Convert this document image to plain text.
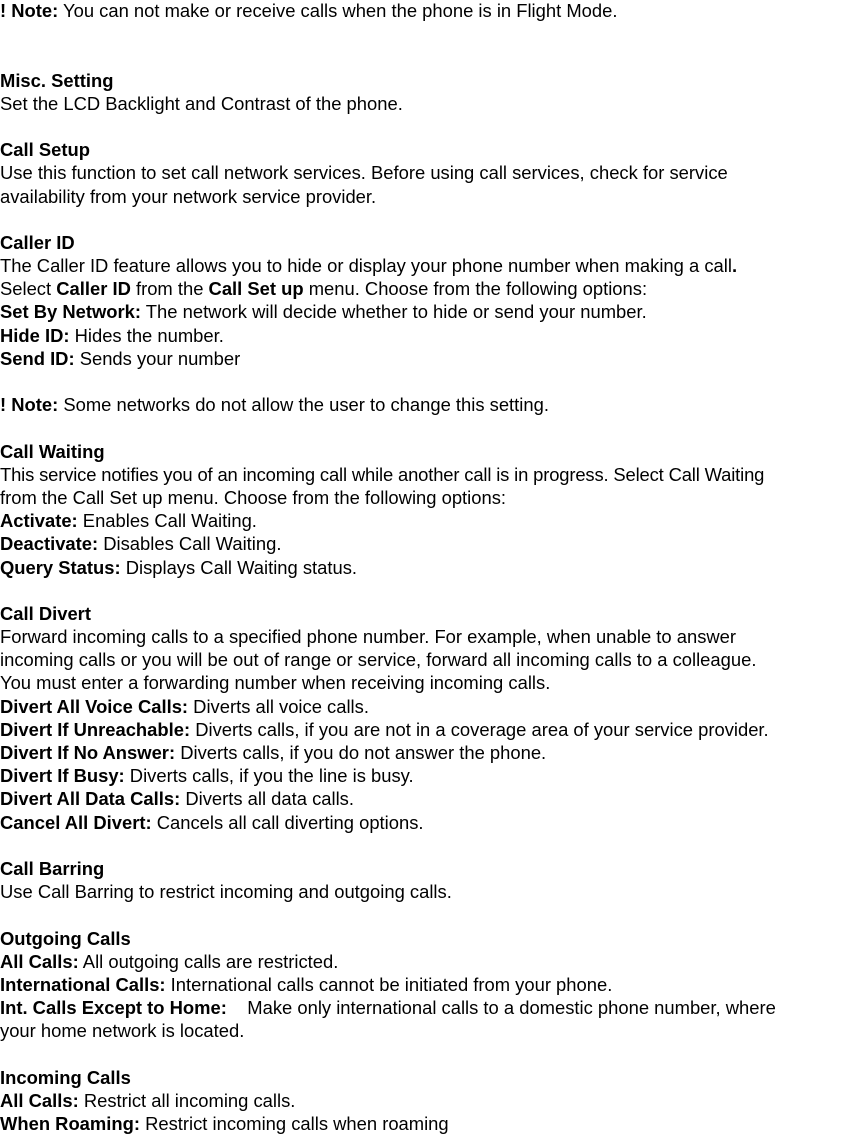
! Note: You can not make or receive calls when the phone is in Flight Mode.
Misc. Setting
Set the LCD Backlight and Contrast of the phone.
Call Setup
Use this function to set call network services. Before using call services, check for service
availability from your network service provider.
Caller ID
The Caller ID feature allows you to hide or display your phone number when making a call.
Select Caller ID from the Call Set up menu. Choose from the following options:
Set By Network: The network will decide whether to hide or send your number.
Hide ID: Hides the number.
Send ID: Sends your number
! Note: Some networks do not allow the user to change this setting.
Call Waiting
This service notifies you of an incoming call while another call is in progress. Select Call Waiting
from the Call Set up menu. Choose from the following options:
Activate: Enables Call Waiting.
Deactivate: Disables Call Waiting.
Query Status: Displays Call Waiting status.
Call Divert
Forward incoming calls to a specified phone number. For example, when unable to answer
incoming calls or you will be out of range or service, forward all incoming calls to a colleague.
You must enter a forwarding number when receiving incoming calls.
Divert All Voice Calls: Diverts all voice calls.
Divert If Unreachable: Diverts calls, if you are not in a coverage area of your service provider.
Divert If No Answer: Diverts calls, if you do not answer the phone.
Divert If Busy: Diverts calls, if you the line is busy.
Divert All Data Calls: Diverts all data calls.
Cancel All Divert: Cancels all call diverting options.
Call Barring
Use Call Barring to restrict incoming and outgoing calls.
Outgoing Calls
All Calls: All outgoing calls are restricted.
International Calls: International calls cannot be initiated from your phone.
Int. Calls Except to Home:    Make only international calls to a domestic phone number, where
your home network is located.
Incoming Calls
All Calls: Restrict all incoming calls.
When Roaming: Restrict incoming calls when roaming
